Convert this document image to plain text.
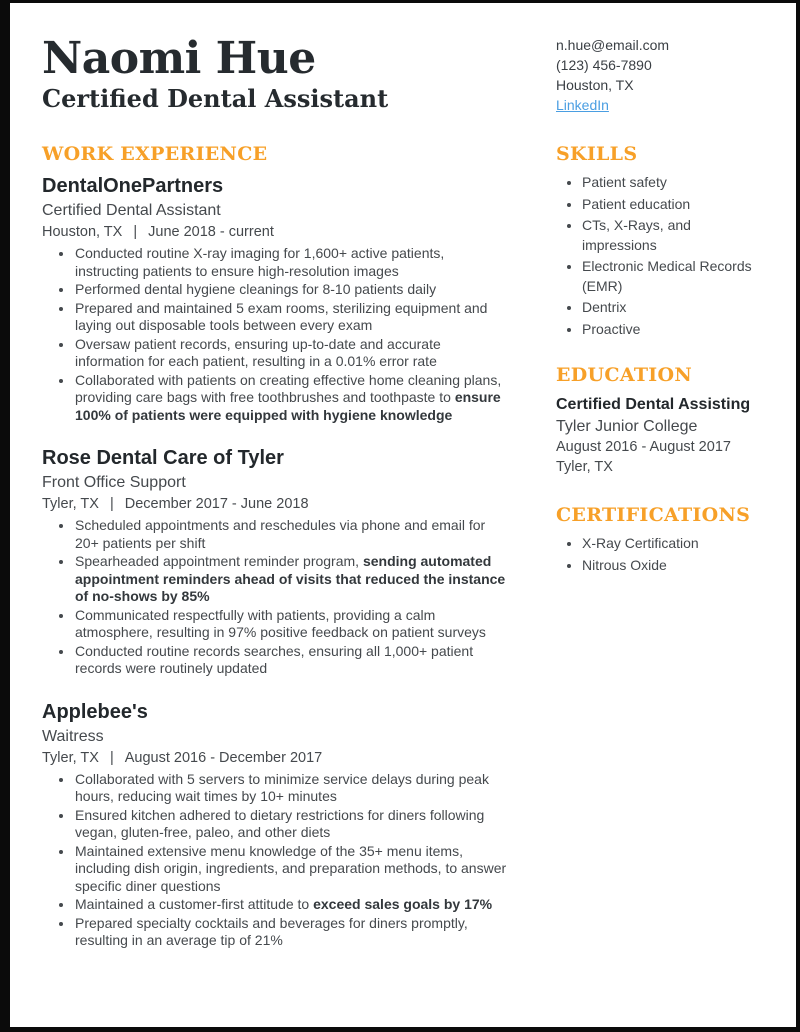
Naomi Hue
Certified Dental Assistant
WORK EXPERIENCE
DentalOnePartners
Certified Dental Assistant
Houston, TX | June 2018 - current
• Conducted routine X-ray imaging for 1,600+ active patients, instructing patients to ensure high-resolution images
• Performed dental hygiene cleanings for 8-10 patients daily
• Prepared and maintained 5 exam rooms, sterilizing equipment and laying out disposable tools between every exam
• Oversaw patient records, ensuring up-to-date and accurate information for each patient, resulting in a 0.01% error rate
• Collaborated with patients on creating effective home cleaning plans, providing care bags with free toothbrushes and toothpaste to ensure 100% of patients were equipped with hygiene knowledge
Rose Dental Care of Tyler
Front Office Support
Tyler, TX | December 2017 - June 2018
• Scheduled appointments and reschedules via phone and email for 20+ patients per shift
• Spearheaded appointment reminder program, sending automated appointment reminders ahead of visits that reduced the instance of no-shows by 85%
• Communicated respectfully with patients, providing a calm atmosphere, resulting in 97% positive feedback on patient surveys
• Conducted routine records searches, ensuring all 1,000+ patient records were routinely updated
Applebee's
Waitress
Tyler, TX | August 2016 - December 2017
• Collaborated with 5 servers to minimize service delays during peak hours, reducing wait times by 10+ minutes
• Ensured kitchen adhered to dietary restrictions for diners following vegan, gluten-free, paleo, and other diets
• Maintained extensive menu knowledge of the 35+ menu items, including dish origin, ingredients, and preparation methods, to answer specific diner questions
• Maintained a customer-first attitude to exceed sales goals by 17%
• Prepared specialty cocktails and beverages for diners promptly, resulting in an average tip of 21%
n.hue@email.com
(123) 456-7890
Houston, TX
LinkedIn
SKILLS
• Patient safety
• Patient education
• CTs, X-Rays, and impressions
• Electronic Medical Records (EMR)
• Dentrix
• Proactive
EDUCATION
Certified Dental Assisting
Tyler Junior College
August 2016 - August 2017
Tyler, TX
CERTIFICATIONS
• X-Ray Certification
• Nitrous Oxide
